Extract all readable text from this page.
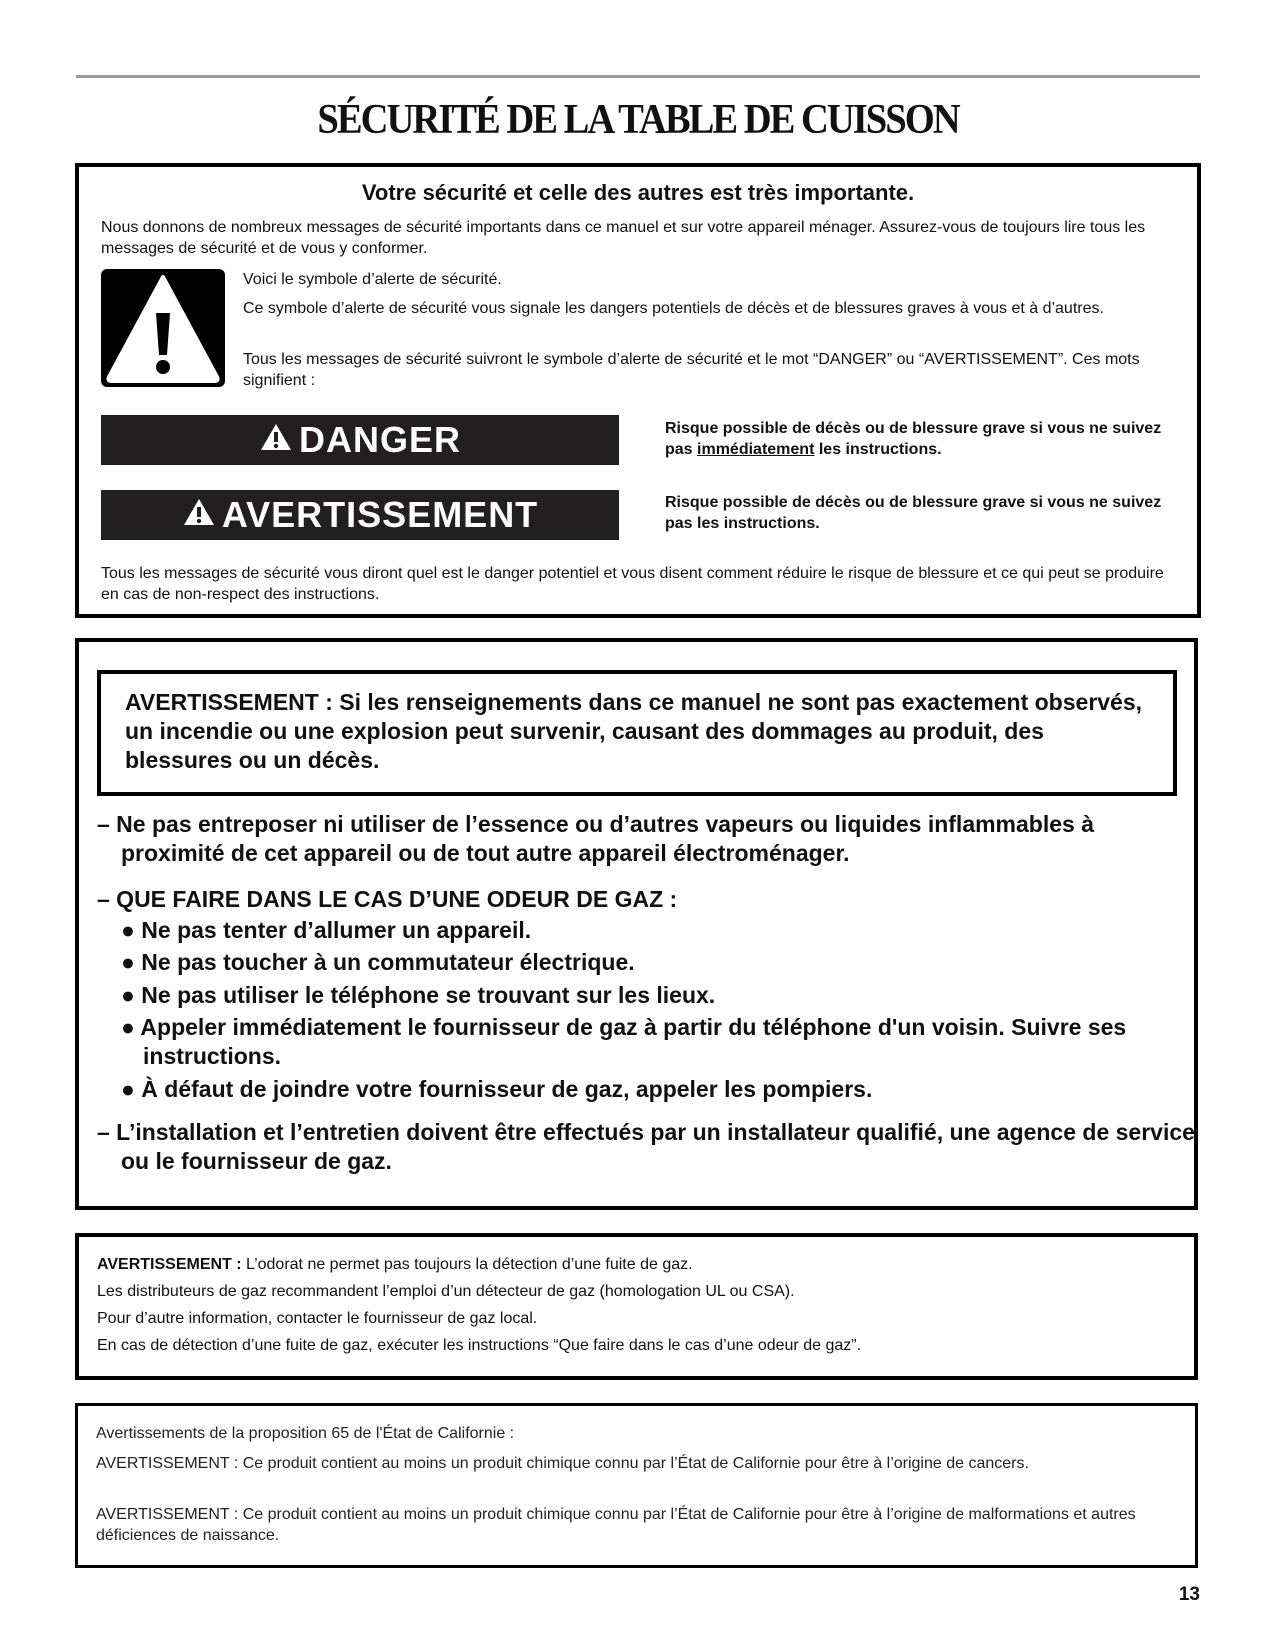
SÉCURITÉ DE LA TABLE DE CUISSON
Votre sécurité et celle des autres est très importante.
Nous donnons de nombreux messages de sécurité importants dans ce manuel et sur votre appareil ménager. Assurez-vous de toujours lire tous les messages de sécurité et de vous y conformer.
Voici le symbole d’alerte de sécurité.
Ce symbole d’alerte de sécurité vous signale les dangers potentiels de décès et de blessures graves à vous et à d’autres.
Tous les messages de sécurité suivront le symbole d’alerte de sécurité et le mot “DANGER” ou “AVERTISSEMENT”. Ces mots signifient :
DANGER	Risque possible de décès ou de blessure grave si vous ne suivez pas immédiatement les instructions.
AVERTISSEMENT	Risque possible de décès ou de blessure grave si vous ne suivez pas les instructions.
Tous les messages de sécurité vous diront quel est le danger potentiel et vous disent comment réduire le risque de blessure et ce qui peut se produire en cas de non-respect des instructions.

AVERTISSEMENT : Si les renseignements dans ce manuel ne sont pas exactement observés, un incendie ou une explosion peut survenir, causant des dommages au produit, des blessures ou un décès.

– Ne pas entreposer ni utiliser de l’essence ou d’autres vapeurs ou liquides inflammables à proximité de cet appareil ou de tout autre appareil électroménager.
– QUE FAIRE DANS LE CAS D’UNE ODEUR DE GAZ :
● Ne pas tenter d’allumer un appareil.
● Ne pas toucher à un commutateur électrique.
● Ne pas utiliser le téléphone se trouvant sur les lieux.
● Appeler immédiatement le fournisseur de gaz à partir du téléphone d'un voisin. Suivre ses instructions.
● À défaut de joindre votre fournisseur de gaz, appeler les pompiers.
– L’installation et l’entretien doivent être effectués par un installateur qualifié, une agence de service ou le fournisseur de gaz.
AVERTISSEMENT : L’odorat ne permet pas toujours la détection d’une fuite de gaz.
Les distributeurs de gaz recommandent l’emploi d’un détecteur de gaz (homologation UL ou CSA).
Pour d’autre information, contacter le fournisseur de gaz local.
En cas de détection d’une fuite de gaz, exécuter les instructions “Que faire dans le cas d’une odeur de gaz”.
Avertissements de la proposition 65 de l'État de Californie :
AVERTISSEMENT : Ce produit contient au moins un produit chimique connu par l’État de Californie pour être à l’origine de cancers.
AVERTISSEMENT : Ce produit contient au moins un produit chimique connu par l’État de Californie pour être à l’origine de malformations et autres déficiences de naissance.
13
